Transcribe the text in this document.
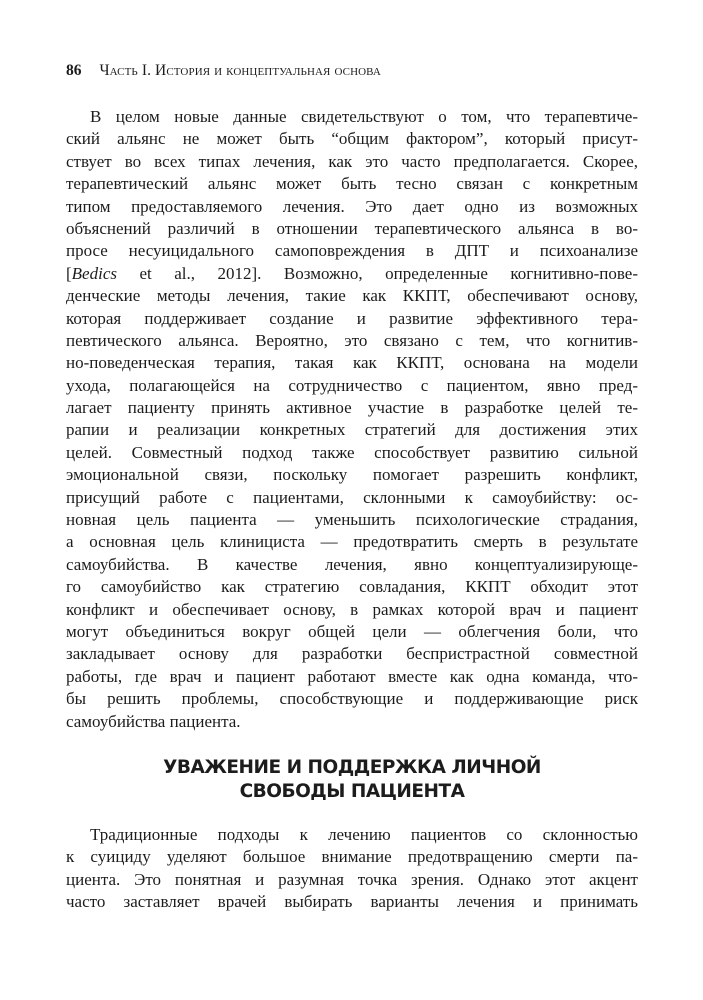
86 Часть I. История и концептуальная основа
В целом новые данные свидетельствуют о том, что терапевтиче-
ский альянс не может быть “общим фактором”, который присут-
ствует во всех типах лечения, как это часто предполагается. Скорее,
терапевтический альянс может быть тесно связан с конкретным
типом предоставляемого лечения. Это дает одно из возможных
объяснений различий в отношении терапевтического альянса в во-
просе несуицидального самоповреждения в ДПТ и психоанализе
[Bedics et al., 2012]. Возможно, определенные когнитивно-пове-
денческие методы лечения, такие как ККПТ, обеспечивают основу,
которая поддерживает создание и развитие эффективного тера-
певтического альянса. Вероятно, это связано с тем, что когнитив-
но-поведенческая терапия, такая как ККПТ, основана на модели
ухода, полагающейся на сотрудничество с пациентом, явно пред-
лагает пациенту принять активное участие в разработке целей те-
рапии и реализации конкретных стратегий для достижения этих
целей. Совместный подход также способствует развитию сильной
эмоциональной связи, поскольку помогает разрешить конфликт,
присущий работе с пациентами, склонными к самоубийству: ос-
новная цель пациента — уменьшить психологические страдания,
а основная цель клинициста — предотвратить смерть в результате
самоубийства. В качестве лечения, явно концептуализирующе-
го самоубийство как стратегию совладания, ККПТ обходит этот
конфликт и обеспечивает основу, в рамках которой врач и пациент
могут объединиться вокруг общей цели — облегчения боли, что
закладывает основу для разработки беспристрастной совместной
работы, где врач и пациент работают вместе как одна команда, что-
бы решить проблемы, способствующие и поддерживающие риск
самоубийства пациента.
УВАЖЕНИЕ И ПОДДЕРЖКА ЛИЧНОЙ
СВОБОДЫ ПАЦИЕНТА
Традиционные подходы к лечению пациентов со склонностью
к суициду уделяют большое внимание предотвращению смерти па-
циента. Это понятная и разумная точка зрения. Однако этот акцент
часто заставляет врачей выбирать варианты лечения и принимать
